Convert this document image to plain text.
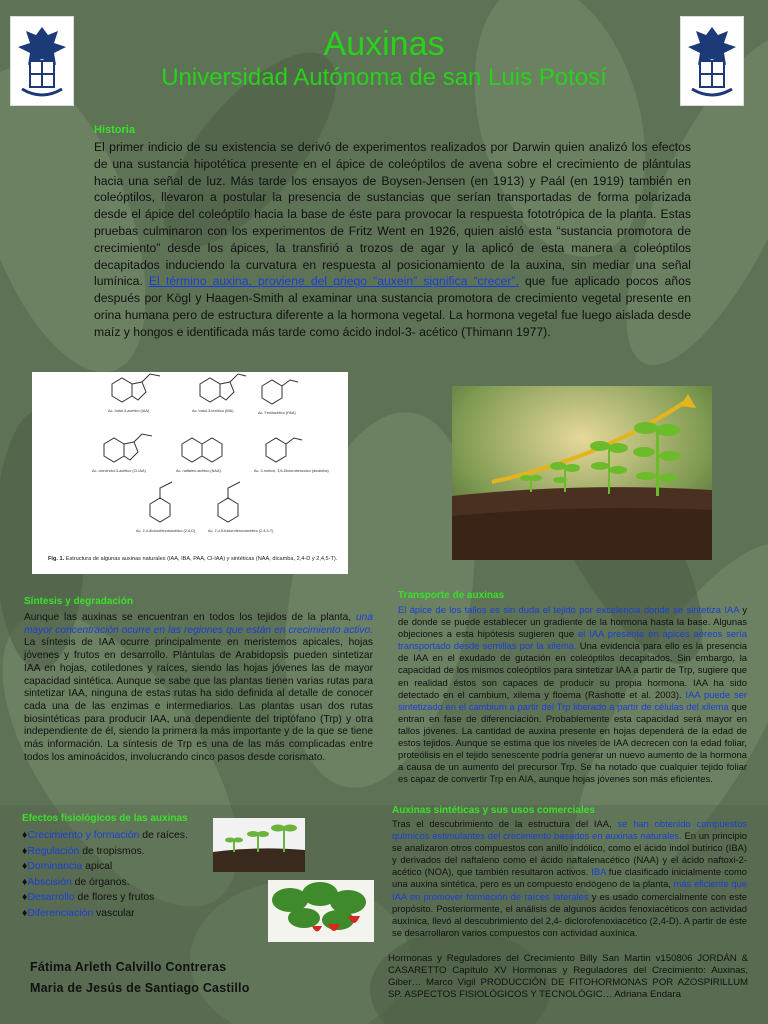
Auxinas
Universidad Autónoma de san Luis Potosí
Historia
El primer indicio de su existencia se derivó de experimentos realizados por Darwin quien analizó los efectos de una sustancia hipotética presente en el ápice de coleóptilos de avena sobre el crecimiento de plántulas hacia una señal de luz. Más tarde los ensayos de Boysen-Jensen (en 1913) y Paál (en 1919) también en coleóptilos, llevaron a postular la presencia de sustancias que serían transportadas de forma polarizada desde el ápice del coleóptilo hacia la base de éste para provocar la respuesta fototrópica de la planta. Estas pruebas culminaron con los experimentos de Fritz Went en 1926, quien aisló esta “sustancia promotora de crecimiento” desde los ápices, la transfirió a trozos de agar y la aplicó de esta manera a coleóptilos decapitados induciendo la curvatura en respuesta al posicionamiento de la auxina, sin mediar una señal lumínica. El término auxina, proviene del griego “auxein” significa “crecer”, que fue aplicado pocos años después por Kögl y Haagen-Smith al examinar una sustancia promotora de crecimiento vegetal presente en orina humana pero de estructura diferente a la hormona vegetal. La hormona vegetal fue luego aislada desde maíz y hongos e identificada más tarde como ácido indol-3- acético (Thimann 1977).
Ac. Indol-3-acético (IAA)	Ac. Indol-3-butírico (IBA)	Ac. Fenilacético (PAA)
Ac. clorcindol-3-acético (Cl-IAA)	Ac. naftalen-acético (NAA)	Ac. 2-metoxi, 3,6-Diclorobenzoico (dicamba)
Ac. 2,4-diclorofenoxiacético (2,4-D)	Ac. 2,4,5-triclorofenoxiacético (2,4,5-T)
Fig. 1. Estructura de algunas auxinas naturales (IAA, IBA, PAA, Cl-IAA) y sintéticas (NAA, dicamba, 2,4-D y 2,4,5-T).
Síntesis y degradación
Aunque las auxinas se encuentran en todos los tejidos de la planta, una mayor concentración ocurre en las regiones que están en crecimiento activo. La síntesis de IAA ocurre principalmente en meristemos apicales, hojas jóvenes y frutos en desarrollo. Plántulas de Arabidopsis pueden sintetizar IAA en hojas, cotiledones y raíces, siendo las hojas jóvenes las de mayor capacidad sintética. Aunque se sabe que las plantas tienen varias rutas para sintetizar IAA, ninguna de estas rutas ha sido definida al detalle de conocer cada una de las enzimas e intermediarios. Las plantas usan dos rutas biosintéticas para producir IAA, una dependiente del triptófano (Trp) y otra independiente de él, siendo la primera la más importante y de la que se tiene más información. La síntesis de Trp es una de las más complicadas entre todos los aminoácidos, involucrando cinco pasos desde corismato.
Transporte de auxinas
El ápice de los tallos es sin duda el tejido por excelencia donde se sintetiza IAA y de donde se puede establecer un gradiente de la hormona hasta la base. Algunas objeciones a esta hipótesis sugieren que el IAA presente en ápices aéreos sería transportado desde semillas por la xilema. Una evidencia para ello es la presencia de IAA en el exudado de gutación en coleóptilos decapitados. Sin embargo, la capacidad de los mismos coleóptilos para sintetizar IAA a partir de Trp, sugiere que en realidad éstos son capaces de producir su propia hormona. IAA ha sido detectado en el cambium, xilema y floema (Rashotte et al. 2003). IAA puede ser sintetizado en el cambium a partir del Trp liberado a partir de células del xilema que entran en fase de diferenciación. Probablemente esta capacidad será mayor en tallos jóvenes. La cantidad de auxina presente en hojas dependerá de la edad de estos tejidos. Aunque se estima que los niveles de IAA decrecen con la edad foliar, proteólisis en el tejido senescente podría generar un nuevo aumento de la hormona a causa de un aumento del precursor Trp. Se ha notado que cualquier tejido foliar es capaz de convertir Trp en AIA, aunque hojas jóvenes son más eficientes.
Efectos fisiológicos de las auxinas
♦Crecimiento y formación de raíces.
♦Regulación de tropismos.
♦Dominancia apical
♦Abscisión de órganos.
♦Desarrollo de flores y frutos
♦Diferenciación vascular
Auxinas sintéticas y sus usos comerciales
Tras el descubrimiento de la estructura del IAA, se han obtenido compuestos químicos estimulantes del crecimiento basados en auxinas naturales. En un principio se analizaron otros compuestos con anillo indólico, como el ácido indol butírico (IBA) y derivados del naftaleno como el ácido naftalenacético (NAA) y el ácido naftoxi-2-acético (NOA), que también resultaron activos. IBA fue clasificado inicialmente como una auxina sintética, pero es un compuesto endógeno de la planta, más eficiente que IAA en promover formación de raíces laterales y es usado comercialmente con este propósito. Posteriormente, el análisis de algunos ácidos fenoxiacéticos con actividad auxínica, llevó al descubrimiento del 2,4- diclorofenoxiacético (2,4-D). A partir de éste se desarrollaron varios compuestos con actividad auxínica.
Fátima Arleth Calvillo Contreras
Maria de Jesús de Santiago Castillo
Hormonas y Reguladores del Crecimiento Billy San Martin v150806 JORDÁN & CASARETTO Capítulo XV Hormonas y Reguladores del Crecimiento: Auxinas, Giber… Marco Vigil PRODUCCIÓN DE FITOHORMONAS POR AZOSPIRILLUM SP. ASPECTOS FISIOLÓGICOS Y TECNOLÓGIC… Adriana Endara
